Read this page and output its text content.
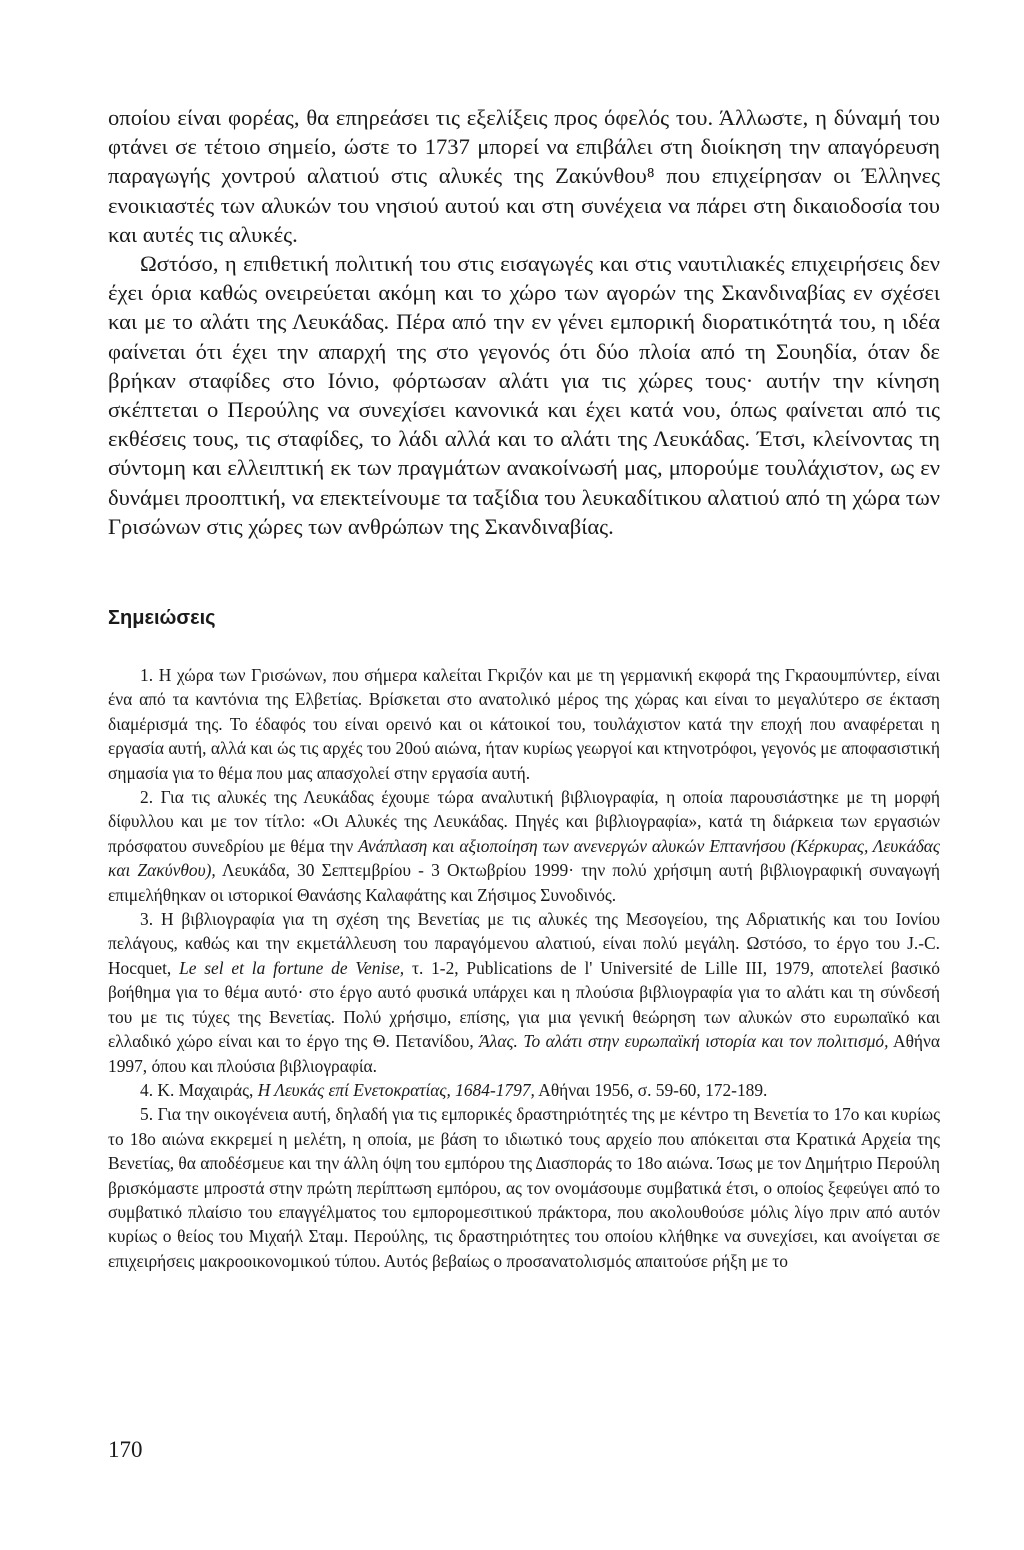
οποίου είναι φορέας, θα επηρεάσει τις εξελίξεις προς όφελός του. Άλλωστε, η δύναμή του φτάνει σε τέτοιο σημείο, ώστε το 1737 μπορεί να επιβάλει στη διοίκηση την απαγόρευση παραγωγής χοντρού αλατιού στις αλυκές της Ζακύνθου⁸ που επιχείρησαν οι Έλληνες ενοικιαστές των αλυκών του νησιού αυτού και στη συνέχεια να πάρει στη δικαιοδοσία του και αυτές τις αλυκές.

Ωστόσο, η επιθετική πολιτική του στις εισαγωγές και στις ναυτιλιακές επιχειρήσεις δεν έχει όρια καθώς ονειρεύεται ακόμη και το χώρο των αγορών της Σκανδιναβίας εν σχέσει και με το αλάτι της Λευκάδας. Πέρα από την εν γένει εμπορική διορατικότητά του, η ιδέα φαίνεται ότι έχει την απαρχή της στο γεγονός ότι δύο πλοία από τη Σουηδία, όταν δε βρήκαν σταφίδες στο Ιόνιο, φόρτωσαν αλάτι για τις χώρες τους· αυτήν την κίνηση σκέπτεται ο Περούλης να συνεχίσει κανονικά και έχει κατά νου, όπως φαίνεται από τις εκθέσεις τους, τις σταφίδες, το λάδι αλλά και το αλάτι της Λευκάδας. Έτσι, κλείνοντας τη σύντομη και ελλειπτική εκ των πραγμάτων ανακοίνωσή μας, μπορούμε τουλάχιστον, ως εν δυνάμει προοπτική, να επεκτείνουμε τα ταξίδια του λευκαδίτικου αλατιού από τη χώρα των Γρισώνων στις χώρες των ανθρώπων της Σκανδιναβίας.

Σημειώσεις

1. Η χώρα των Γρισώνων, που σήμερα καλείται Γκριζόν και με τη γερμανική εκφορά της Γκραουμπύντερ, είναι ένα από τα καντόνια της Ελβετίας. Βρίσκεται στο ανατολικό μέρος της χώρας και είναι το μεγαλύτερο σε έκταση διαμέρισμά της. Το έδαφός του είναι ορεινό και οι κάτοικοί του, τουλάχιστον κατά την εποχή που αναφέρεται η εργασία αυτή, αλλά και ώς τις αρχές του 20ού αιώνα, ήταν κυρίως γεωργοί και κτηνοτρόφοι, γεγονός με αποφασιστική σημασία για το θέμα που μας απασχολεί στην εργασία αυτή.

2. Για τις αλυκές της Λευκάδας έχουμε τώρα αναλυτική βιβλιογραφία, η οποία παρουσιάστηκε με τη μορφή δίφυλλου και με τον τίτλο: «Οι Αλυκές της Λευκάδας. Πηγές και βιβλιογραφία», κατά τη διάρκεια των εργασιών πρόσφατου συνεδρίου με θέμα την Ανάπλαση και αξιοποίηση των ανενεργών αλυκών Επτανήσου (Κέρκυρας, Λευκάδας και Ζακύνθου), Λευκάδα, 30 Σεπτεμβρίου - 3 Οκτωβρίου 1999· την πολύ χρήσιμη αυτή βιβλιογραφική συναγωγή επιμελήθηκαν οι ιστορικοί Θανάσης Καλαφάτης και Ζήσιμος Συνοδινός.

3. Η βιβλιογραφία για τη σχέση της Βενετίας με τις αλυκές της Μεσογείου, της Αδριατικής και του Ιονίου πελάγους, καθώς και την εκμετάλλευση του παραγόμενου αλατιού, είναι πολύ μεγάλη. Ωστόσο, το έργο του J.-C. Hocquet, Le sel et la fortune de Venise, τ. 1-2, Publications de l' Université de Lille III, 1979, αποτελεί βασικό βοήθημα για το θέμα αυτό· στο έργο αυτό φυσικά υπάρχει και η πλούσια βιβλιογραφία για το αλάτι και τη σύνδεσή του με τις τύχες της Βενετίας. Πολύ χρήσιμο, επίσης, για μια γενική θεώρηση των αλυκών στο ευρωπαϊκό και ελλαδικό χώρο είναι και το έργο της Θ. Πετανίδου, Άλας. Το αλάτι στην ευρωπαϊκή ιστορία και τον πολιτισμό, Αθήνα 1997, όπου και πλούσια βιβλιογραφία.

4. Κ. Μαχαιράς, Η Λευκάς επί Ενετοκρατίας, 1684-1797, Αθήναι 1956, σ. 59-60, 172-189.

5. Για την οικογένεια αυτή, δηλαδή για τις εμπορικές δραστηριότητές της με κέντρο τη Βενετία το 17ο και κυρίως το 18ο αιώνα εκκρεμεί η μελέτη, η οποία, με βάση το ιδιωτικό τους αρχείο που απόκειται στα Κρατικά Αρχεία της Βενετίας, θα αποδέσμευε και την άλλη όψη του εμπόρου της Διασποράς το 18ο αιώνα. Ίσως με τον Δημήτριο Περούλη βρισκόμαστε μπροστά στην πρώτη περίπτωση εμπόρου, ας τον ονομάσουμε συμβατικά έτσι, ο οποίος ξεφεύγει από το συμβατικό πλαίσιο του επαγγέλματος του εμπορομεσιτικού πράκτορα, που ακολουθούσε μόλις λίγο πριν από αυτόν κυρίως ο θείος του Μιχαήλ Σταμ. Περούλης, τις δραστηριότητες του οποίου κλήθηκε να συνεχίσει, και ανοίγεται σε επιχειρήσεις μακροοικονομικού τύπου. Αυτός βεβαίως ο προσανατολισμός απαιτούσε ρήξη με το

170
